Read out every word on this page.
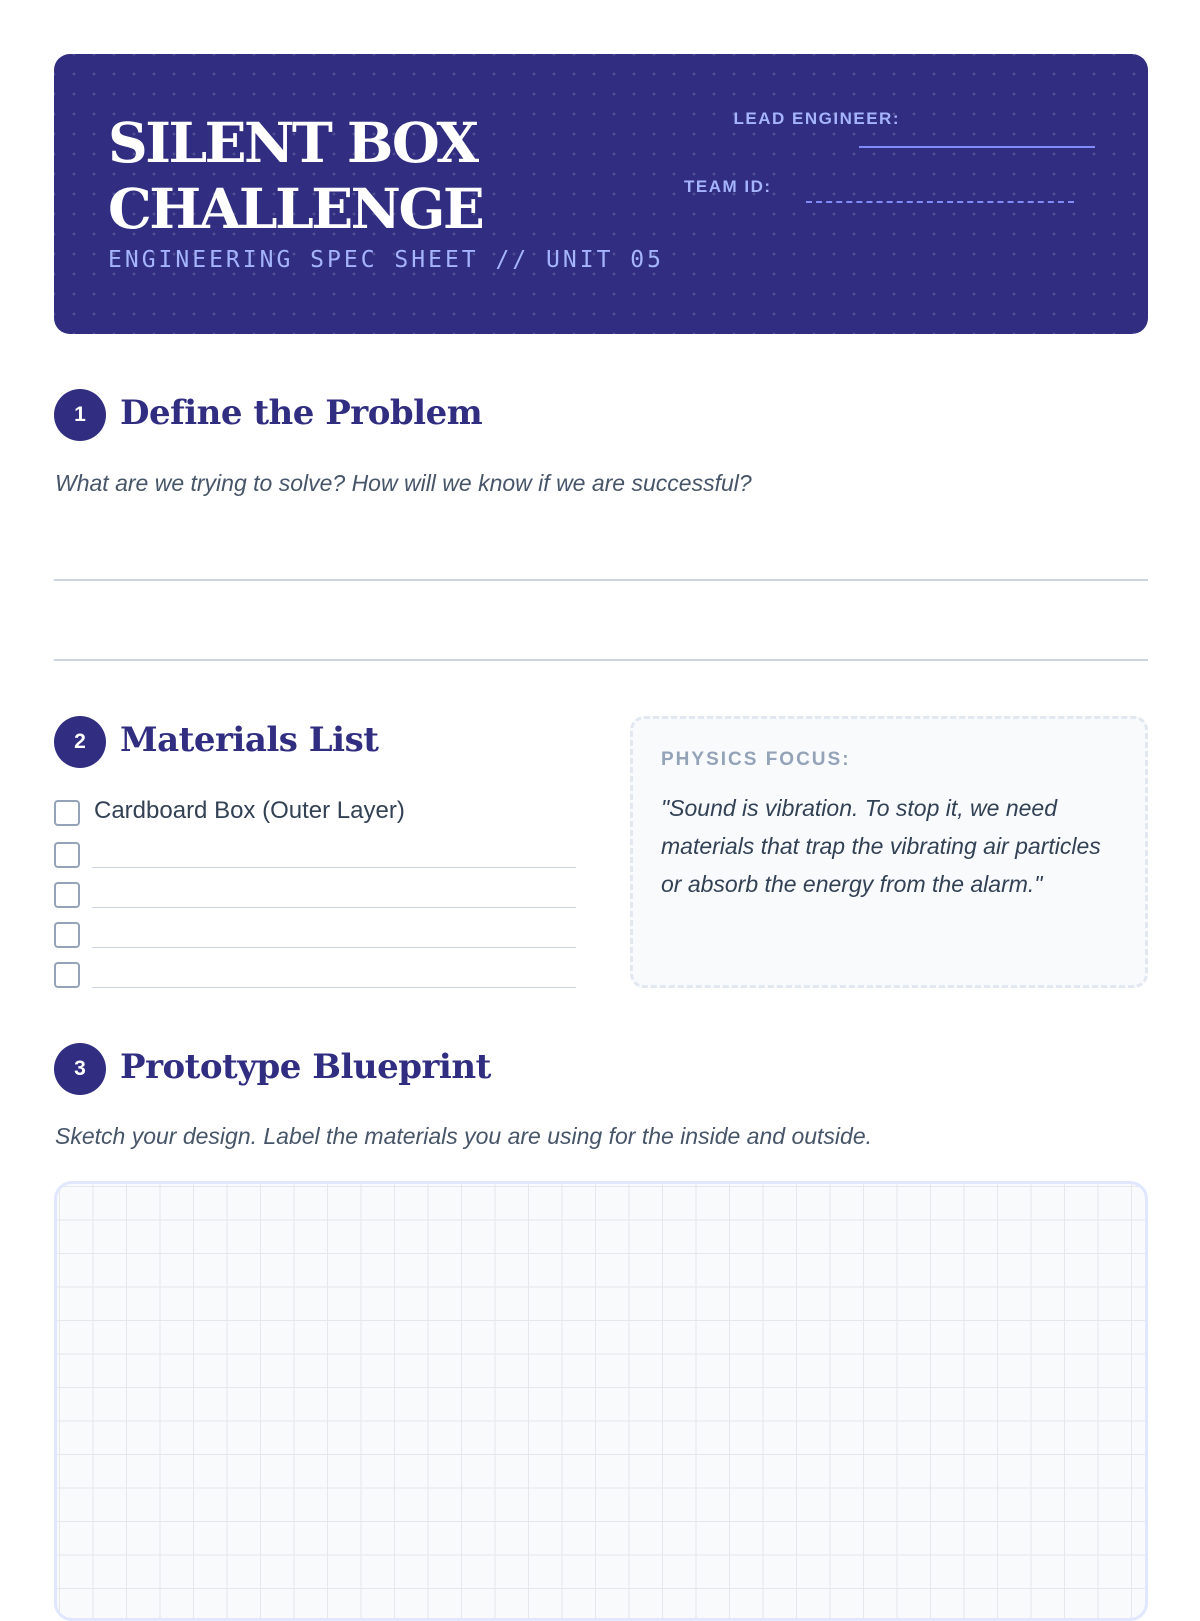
SILENT BOX
CHALLENGE
ENGINEERING SPEC SHEET // UNIT 05
LEAD ENGINEER:
TEAM ID:
1	Define the Problem

What are we trying to solve? How will we know if we are successful?

2	Materials List
Cardboard Box (Outer Layer)
PHYSICS FOCUS:

"Sound is vibration. To stop it, we need materials that trap the vibrating air particles or absorb the energy from the alarm."

3	Prototype Blueprint

Sketch your design. Label the materials you are using for the inside and outside.
